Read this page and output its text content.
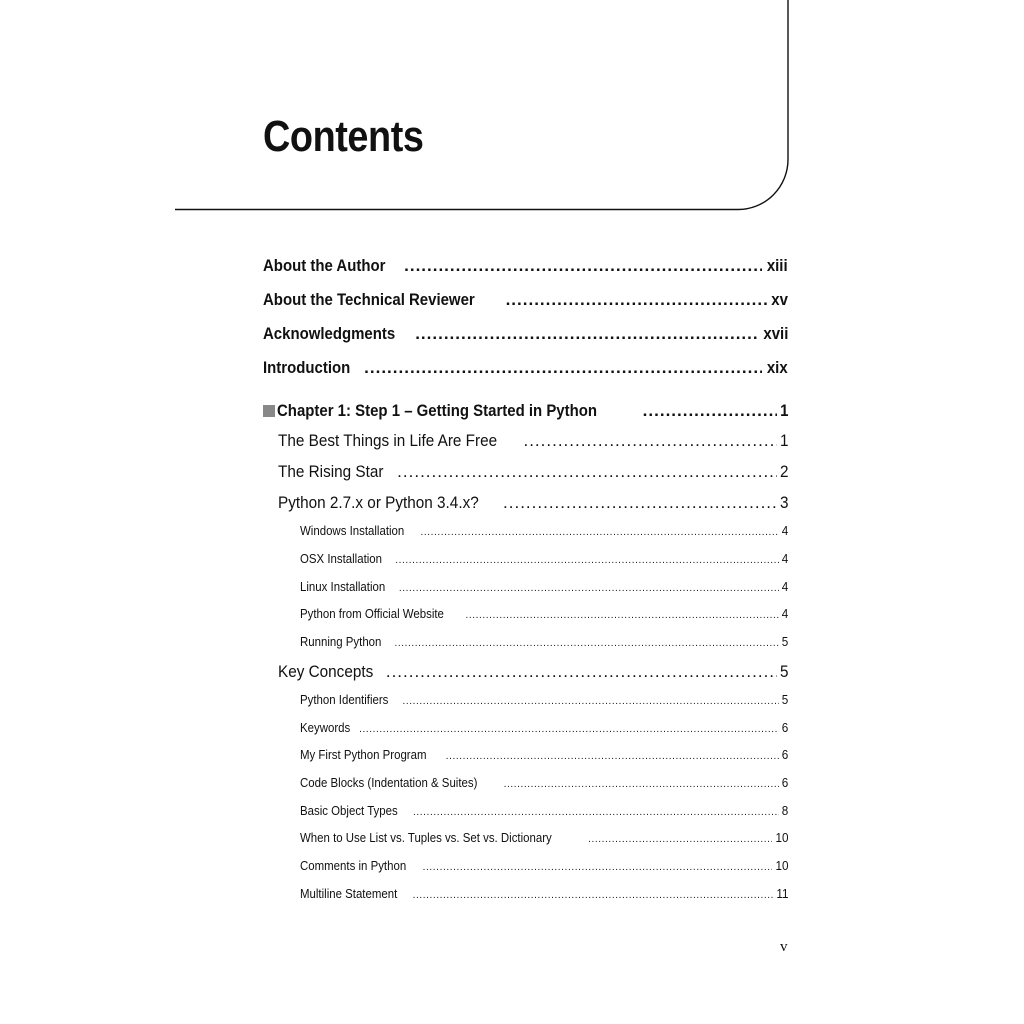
Contents
About the Author .....	xiii
About the Technical Reviewer .....	xv
Acknowledgments .....	xvii
Introduction .....	xix
Chapter 1: Step 1 – Getting Started in Python .....	1
The Best Things in Life Are Free .....	1
The Rising Star .....	2
Python 2.7.x or Python 3.4.x? .....	3
Windows Installation .....	4
OSX Installation .....	4
Linux Installation .....	4
Python from Official Website .....	4
Running Python .....	5
Key Concepts .....	5
Python Identifiers .....	5
Keywords .....	6
My First Python Program .....	6
Code Blocks (Indentation & Suites) .....	6
Basic Object Types .....	8
When to Use List vs. Tuples vs. Set vs. Dictionary .....	10
Comments in Python .....	10
Multiline Statement .....	11
v
